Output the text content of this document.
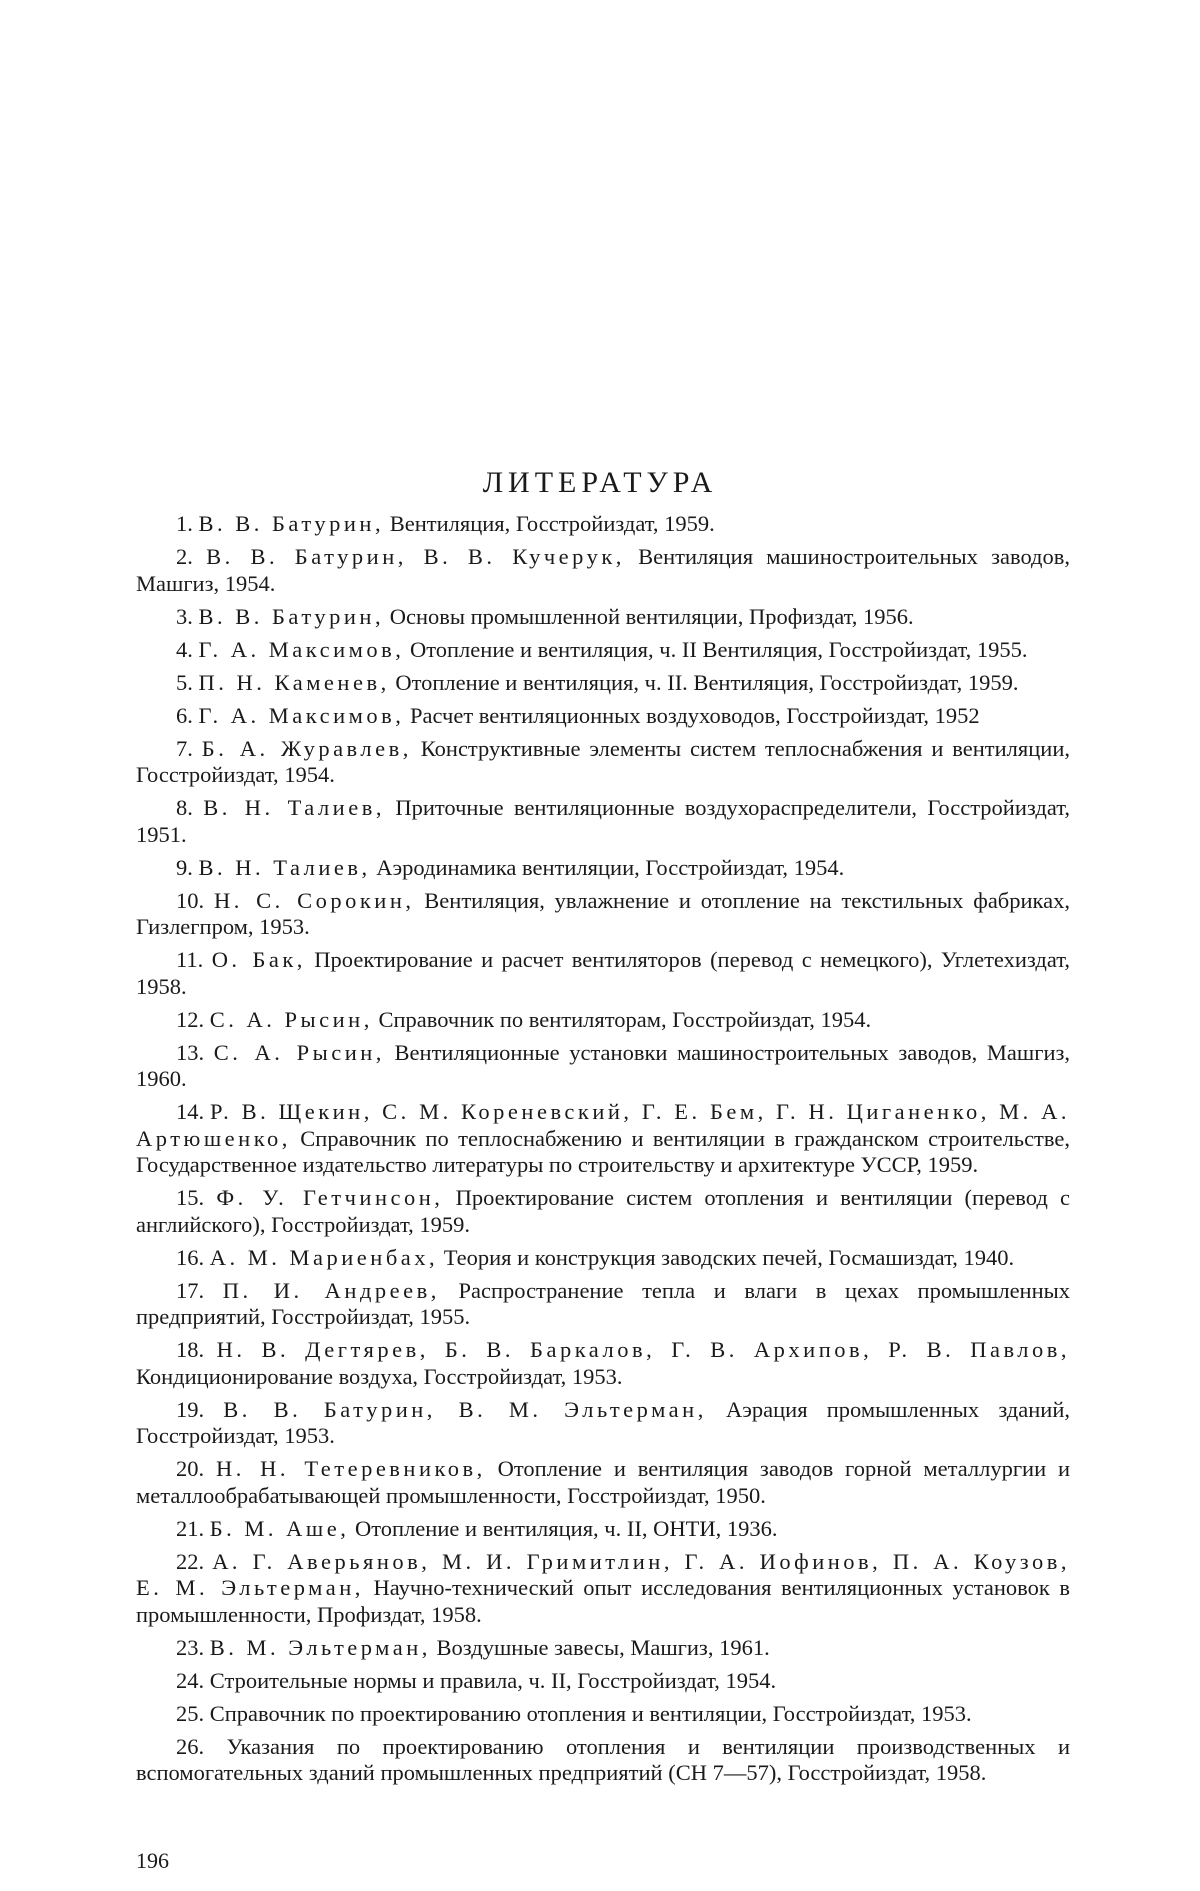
ЛИТЕРАТУРА
1. В. В. Батурин, Вентиляция, Госстройиздат, 1959.
2. В. В. Батурин, В. В. Кучерук, Вентиляция машиностроительных заводов, Машгиз, 1954.
3. В. В. Батурин, Основы промышленной вентиляции, Профиздат, 1956.
4. Г. А. Максимов, Отопление и вентиляция, ч. II Вентиляция, Госстройиздат, 1955.
5. П. Н. Каменев, Отопление и вентиляция, ч. II. Вентиляция, Госстройиздат, 1959.
6. Г. А. Максимов, Расчет вентиляционных воздуховодов, Госстройиздат, 1952
7. Б. А. Журавлев, Конструктивные элементы систем теплоснабжения и вентиляции, Госстройиздат, 1954.
8. В. Н. Талиев, Приточные вентиляционные воздухораспределители, Госстройиздат, 1951.
9. В. Н. Талиев, Аэродинамика вентиляции, Госстройиздат, 1954.
10. Н. С. Сорокин, Вентиляция, увлажнение и отопление на текстильных фабриках, Гизлегпром, 1953.
11. О. Бак, Проектирование и расчет вентиляторов (перевод с немецкого), Углетехиздат, 1958.
12. С. А. Рысин, Справочник по вентиляторам, Госстройиздат, 1954.
13. С. А. Рысин, Вентиляционные установки машиностроительных заводов, Машгиз, 1960.
14. Р. В. Щекин, С. М. Кореневский, Г. Е. Бем, Г. Н. Циганенко, М. А. Артюшенко, Справочник по теплоснабжению и вентиляции в гражданском строительстве, Государственное издательство литературы по строительству и архитектуре УССР, 1959.
15. Ф. У. Гетчинсон, Проектирование систем отопления и вентиляции (перевод с английского), Госстройиздат, 1959.
16. А. М. Мариенбах, Теория и конструкция заводских печей, Госмашиздат, 1940.
17. П. И. Андреев, Распространение тепла и влаги в цехах промышленных предприятий, Госстройиздат, 1955.
18. Н. В. Дегтярев, Б. В. Баркалов, Г. В. Архипов, Р. В. Павлов, Кондиционирование воздуха, Госстройиздат, 1953.
19. В. В. Батурин, В. М. Эльтерман, Аэрация промышленных зданий, Госстройиздат, 1953.
20. Н. Н. Тетеревников, Отопление и вентиляция заводов горной металлургии и металлообрабатывающей промышленности, Госстройиздат, 1950.
21. Б. М. Аше, Отопление и вентиляция, ч. II, ОНТИ, 1936.
22. А. Г. Аверьянов, М. И. Гримитлин, Г. А. Иофинов, П. А. Коузов, Е. М. Эльтерман, Научно-технический опыт исследования вентиляционных установок в промышленности, Профиздат, 1958.
23. В. М. Эльтерман, Воздушные завесы, Машгиз, 1961.
24. Строительные нормы и правила, ч. II, Госстройиздат, 1954.
25. Справочник по проектированию отопления и вентиляции, Госстройиздат, 1953.
26. Указания по проектированию отопления и вентиляции производственных и вспомогательных зданий промышленных предприятий (СН 7—57), Госстройиздат, 1958.
196
